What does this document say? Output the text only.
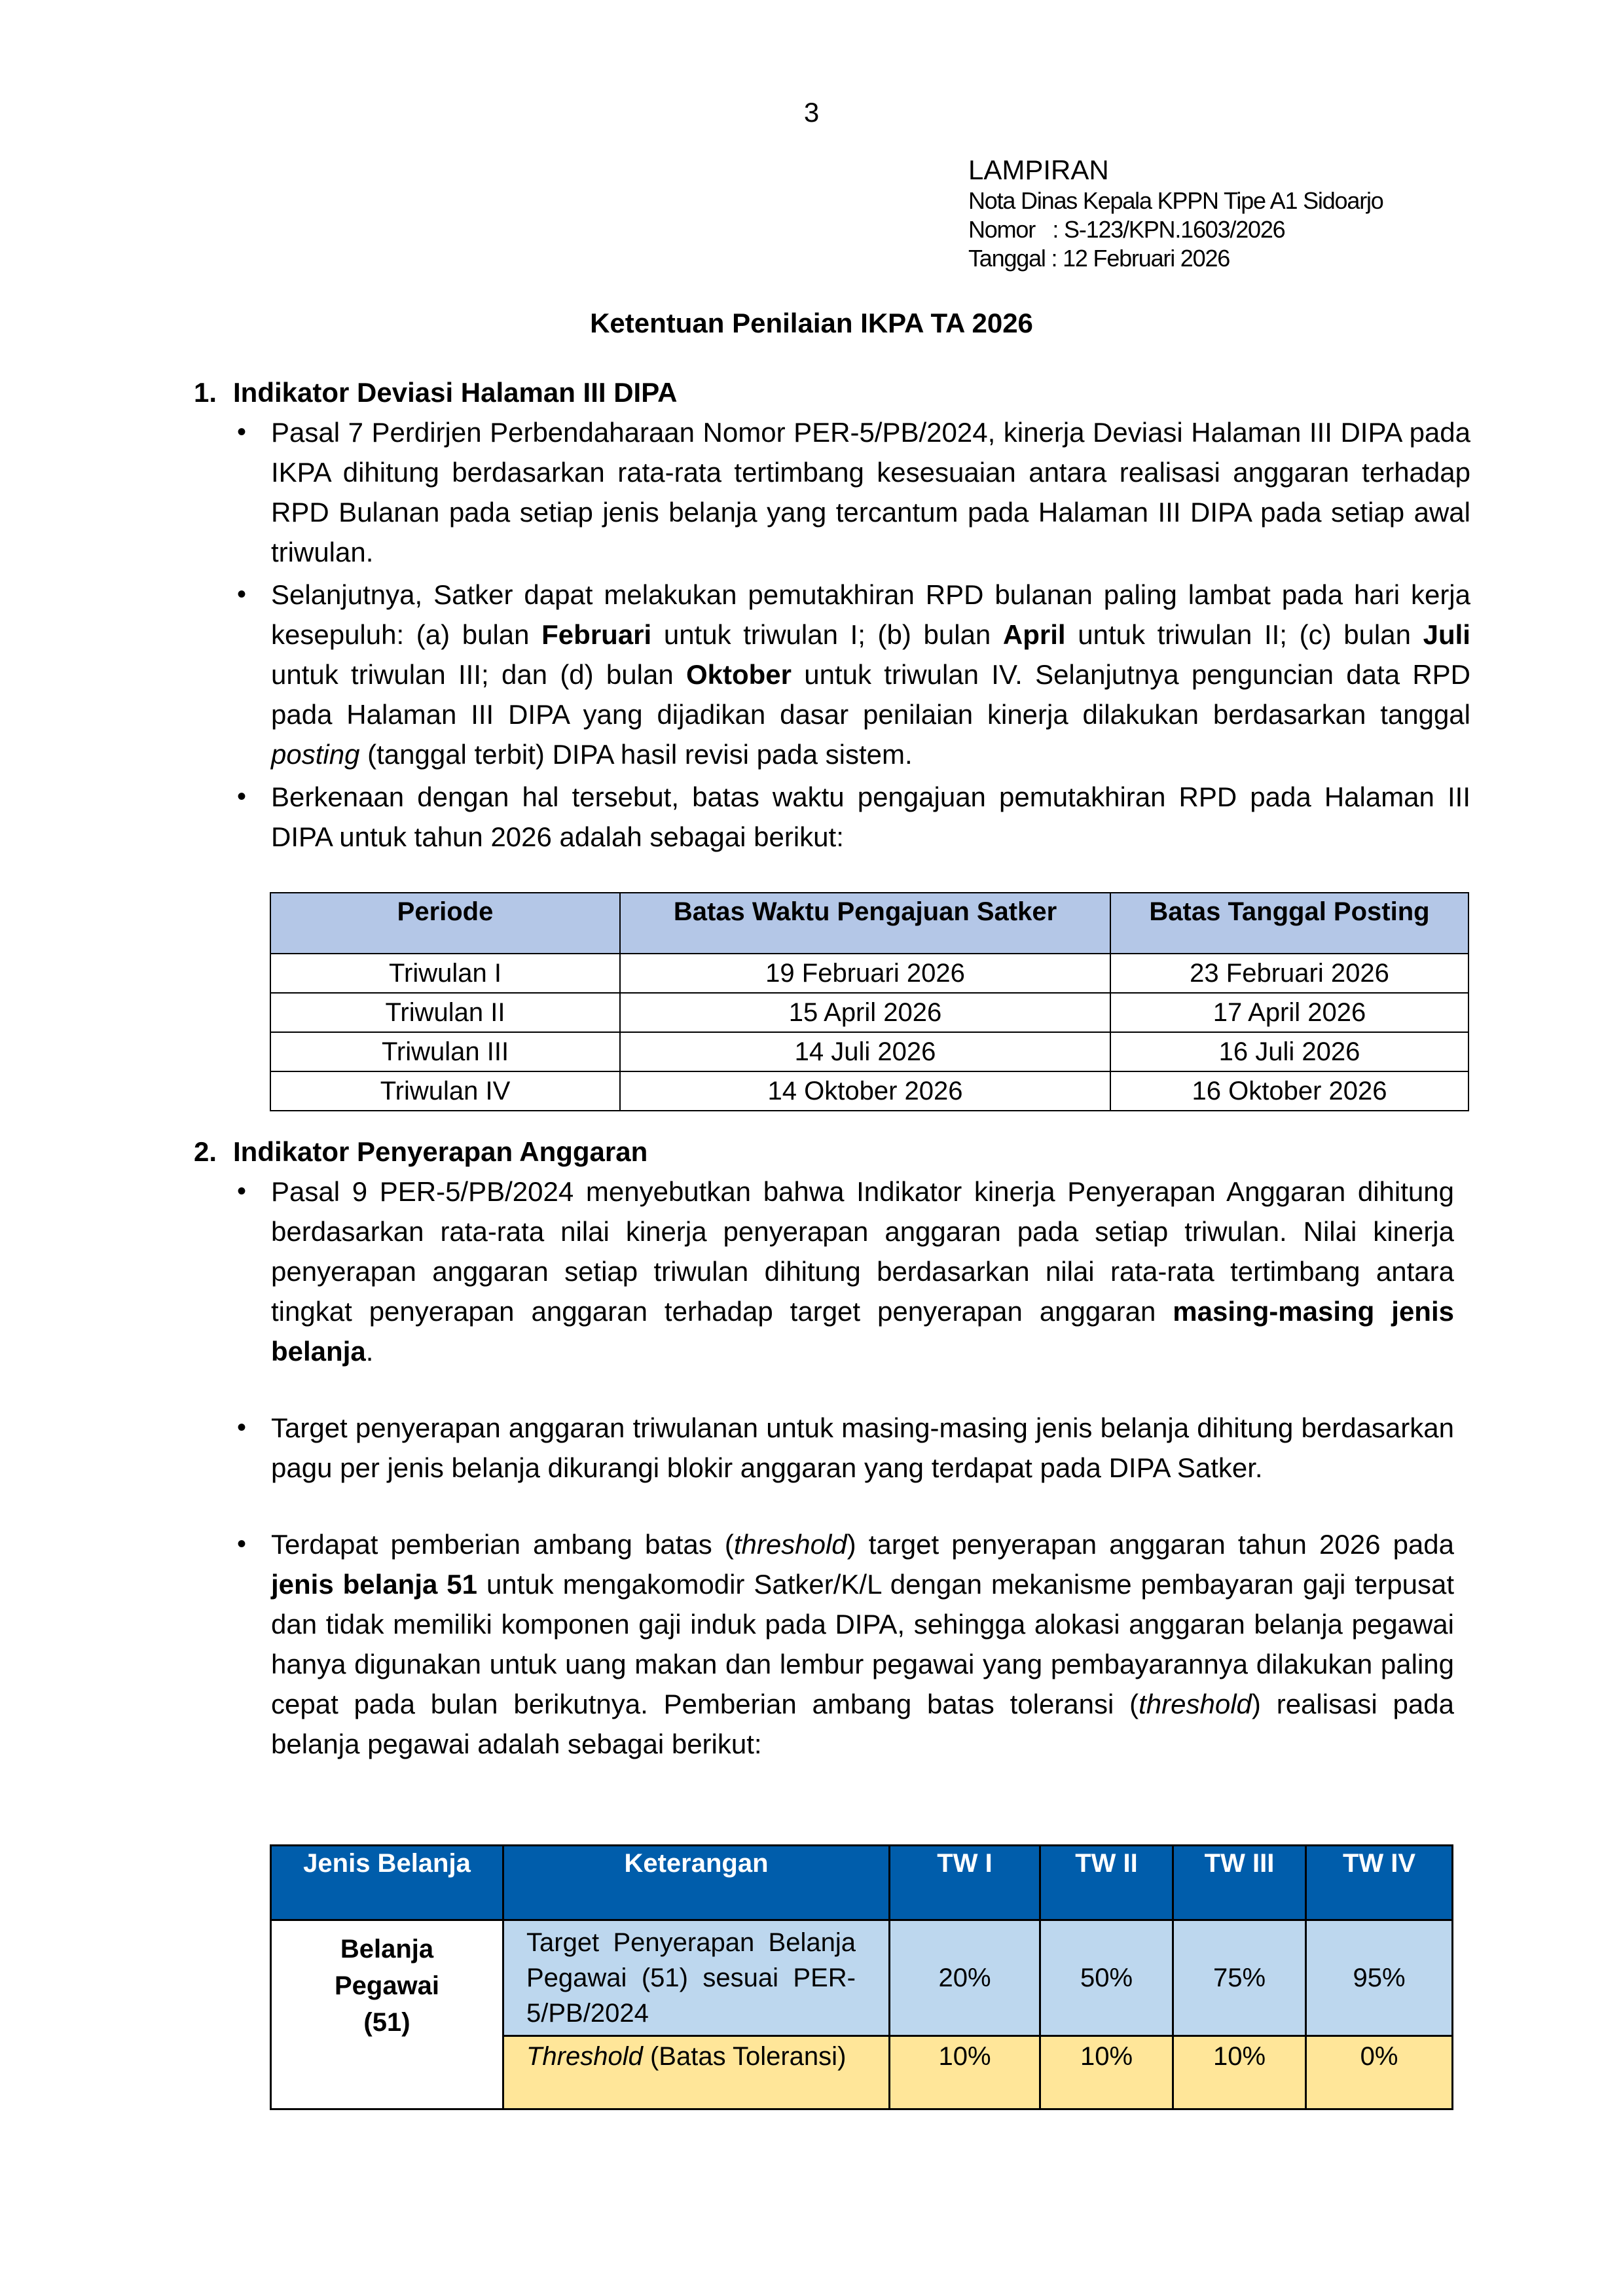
3
LAMPIRAN
Nota Dinas Kepala KPPN Tipe A1 Sidoarjo
Nomor   : S-123/KPN.1603/2026
Tanggal : 12 Februari 2026
Ketentuan Penilaian IKPA TA 2026
1. Indikator Deviasi Halaman III DIPA
• Pasal 7 Perdirjen Perbendaharaan Nomor PER-5/PB/2024, kinerja Deviasi Halaman III DIPA pada IKPA dihitung berdasarkan rata-rata tertimbang kesesuaian antara realisasi anggaran terhadap RPD Bulanan pada setiap jenis belanja yang tercantum pada Halaman III DIPA pada setiap awal triwulan.
• Selanjutnya, Satker dapat melakukan pemutakhiran RPD bulanan paling lambat pada hari kerja kesepuluh: (a) bulan Februari untuk triwulan I; (b) bulan April untuk triwulan II; (c) bulan Juli untuk triwulan III; dan (d) bulan Oktober untuk triwulan IV. Selanjutnya penguncian data RPD pada Halaman III DIPA yang dijadikan dasar penilaian kinerja dilakukan berdasarkan tanggal posting (tanggal terbit) DIPA hasil revisi pada sistem.
• Berkenaan dengan hal tersebut, batas waktu pengajuan pemutakhiran RPD pada Halaman III DIPA untuk tahun 2026 adalah sebagai berikut:
Periode	Batas Waktu Pengajuan Satker	Batas Tanggal Posting
Triwulan I	19 Februari 2026	23 Februari 2026
Triwulan II	15 April 2026	17 April 2026
Triwulan III	14 Juli 2026	16 Juli 2026
Triwulan IV	14 Oktober 2026	16 Oktober 2026
2. Indikator Penyerapan Anggaran
• Pasal 9 PER-5/PB/2024 menyebutkan bahwa Indikator kinerja Penyerapan Anggaran dihitung berdasarkan rata-rata nilai kinerja penyerapan anggaran pada setiap triwulan. Nilai kinerja penyerapan anggaran setiap triwulan dihitung berdasarkan nilai rata-rata tertimbang antara tingkat penyerapan anggaran terhadap target penyerapan anggaran masing-masing jenis belanja.
• Target penyerapan anggaran triwulanan untuk masing-masing jenis belanja dihitung berdasarkan pagu per jenis belanja dikurangi blokir anggaran yang terdapat pada DIPA Satker.
• Terdapat pemberian ambang batas (threshold) target penyerapan anggaran tahun 2026 pada jenis belanja 51 untuk mengakomodir Satker/K/L dengan mekanisme pembayaran gaji terpusat dan tidak memiliki komponen gaji induk pada DIPA, sehingga alokasi anggaran belanja pegawai hanya digunakan untuk uang makan dan lembur pegawai yang pembayarannya dilakukan paling cepat pada bulan berikutnya. Pemberian ambang batas toleransi (threshold) realisasi pada belanja pegawai adalah sebagai berikut:
Jenis Belanja	Keterangan	TW I	TW II	TW III	TW IV

Belanja Pegawai (51)	Target Penyerapan Belanja Pegawai (51) sesuai PER- 5/PB/2024	20%	50%	75%	95%
	Threshold (Batas Toleransi)	10%	10%	10%	0%
